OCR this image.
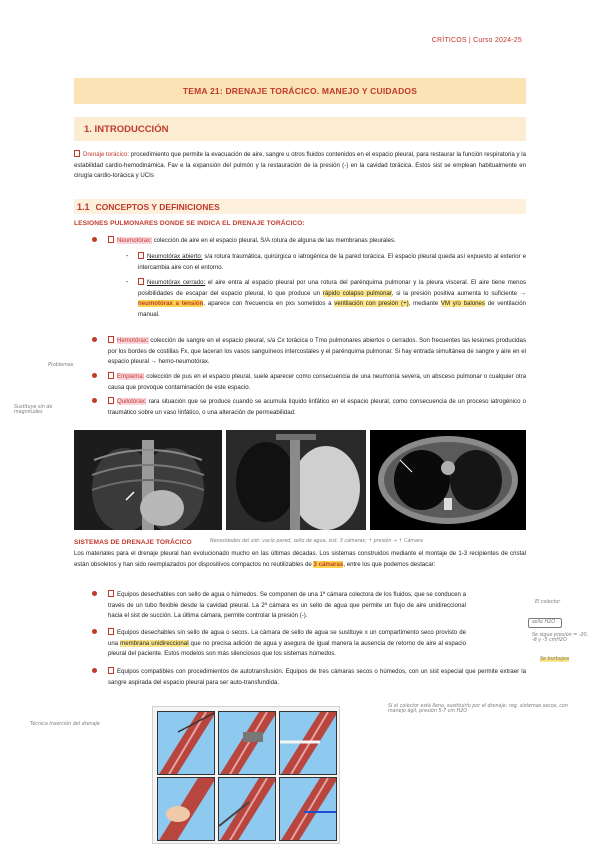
CRÍTICOS | Curso 2024-25
TEMA 21: DRENAJE TORÁCICO. MANEJO Y CUIDADOS
1. INTRODUCCIÓN
Drenaje torácico: procedimiento que permite la evacuación de aire, sangre u otros fluidos contenidos en el espacio pleural, para restaurar la función respiratoria y la estabilidad cardio-hemodinámica. Fav e la expansión del pulmón y la restauración de la presión (-) en la cavidad torácica. Estos sist se emplean habitualmente en cirugía cardio-torácica y UCIs
1.1 CONCEPTOS Y DEFINICIONES
LESIONES PULMONARES DONDE SE INDICA EL DRENAJE TORÁCICO:
Neumotórax: colección de aire en el espacio pleural, S/A rotura de alguna de las membranas pleurales.
-	Neumotórax abierto: s/a rotura traumática, quirúrgica o iatrogénica de la pared torácica. El espacio pleural queda así expuesto al exterior e intercambia aire con el entorno.
-	Neumotórax cerrado: el aire entra al espacio pleural por una rotura del parénquima pulmonar y la pleura visceral. El aire tiene menos posibilidades de escapar del espacio pleural, lo que produce un rápido colapso pulmonar, si la presión positiva aumenta lo suficiente → neumotórax a tensión, aparece con frecuencia en pxs sometidos a ventilación con presión (+), mediante VM y/o balones de ventilación manual.
Hemotórax: colección de sangre en el espacio pleural, s/a Cx torácica o Tmo pulmonares abiertos o cerrados. Son frecuentes las lesiones producidas por los bordes de costillas Fx, que laceran los vasos sanguíneos intercostales y el parénquima pulmonar. Si hay entrada simultánea de sangre y aire en el espacio pleural → hemo-neumotórax.
Empiema: colección de pus en el espacio pleural, suele aparecer como consecuencia de una neumonía severa, un absceso pulmonar o cualquier otra causa que provoque contaminación de este espacio.
Quilotórax: rara situación que se produce cuando se acumula líquido linfático en el espacio pleural, como consecuencia de un proceso iatrogénico o traumático sobre un vaso linfático, o una alteración de permeabilidad.
Problemas
Sustituye sin de magnitudes
SISTEMAS DE DRENAJE TORÁCICO	Necesidades del sist: vacío pared, sello de agua, sist. 3 cámaras; ↑ presión → ↑ Cámara
Los materiales para el drenaje pleural han evolucionado mucho en las últimas décadas. Los sistemas construidos mediante el montaje de 1-3 recipientes de cristal están obsoletos y han sido reemplazados por dispositivos compactos no reutilizables de 3 cámaras, entre los que podemos destacar:
Equipos desechables con sello de agua o húmedos. Se componen de una 1ª cámara colectora de los fluidos, que se conducen a través de un tubo flexible desde la cavidad pleural. La 2ª cámara es un sello de agua que permite un flujo de aire unidireccional hacia el sist de succión. La última cámara, permite controlar la presión (-).
Equipos desechables sin sello de agua o secos. La cámara de sello de agua se sustituye x un compartimento seco provisto de una membrana unidireccional que no precisa adición de agua y asegura de igual manera la ausencia de retorno de aire al espacio pleural del paciente. Estos modelos son más silenciosos que los sistemas húmedos.
Equipos compatibles con procedimientos de autotransfusión. Equipos de tres cámaras secos o húmedos, con un sist especial que permite extraer la sangre aspirada del espacio pleural para ser auto-transfundida.
El colector
sello H2O
Se sigue presión = -20, -8 y -5 cmH2O
Se burbujea
Técnica Inserción del drenaje
Si el colector está lleno, sustituirlo por el drenaje: reg. sistemas secos, con manejo ágil, presión 5-7 cm H2O
